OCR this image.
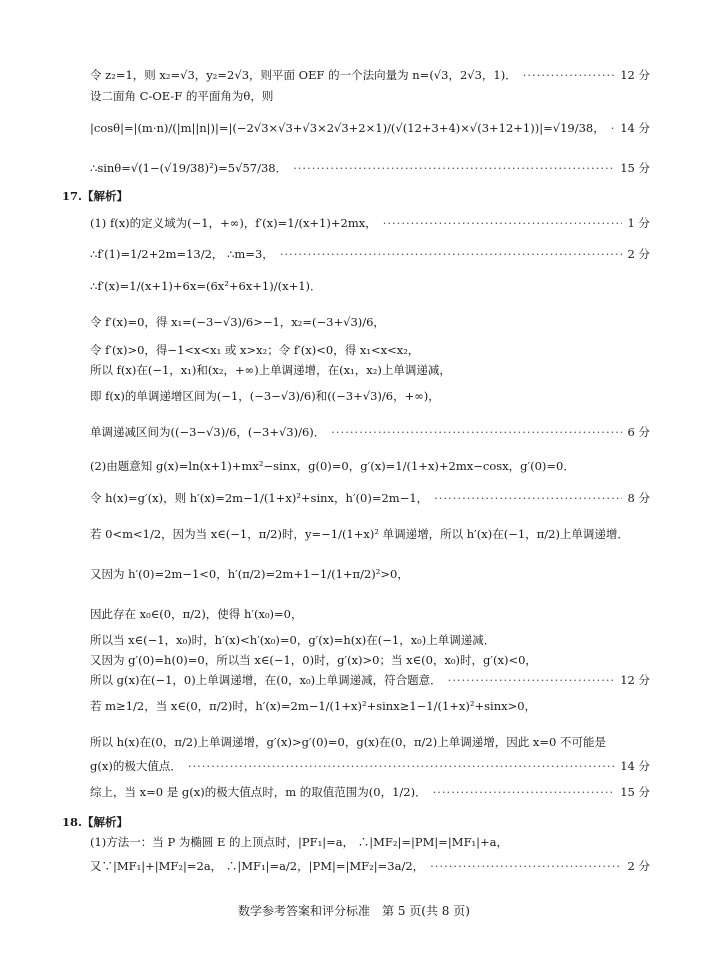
令 z₂=1，则 x₂=√3，y₂=2√3，则平面 OEF 的一个法向量为 n=(√3，2√3，1)． ·····	12 分
设二面角 C-OE-F 的平面角为θ，则
|cosθ|=|(m·n)/(|m||n|)|=|(−2√3×√3+√3×2√3+2×1)/(√(12+3+4)×√(3+12+1))|=√19/38， ····· 14 分
∴sinθ=√(1−(√19/38)²)=5√57/38． ·····	15 分
17.【解析】
(1) f(x)的定义域为(−1，+∞)，f′(x)=1/(x+1)+2mx， ·····	1 分
∴f′(1)=1/2+2m=13/2， ∴m=3， ·····	2 分
∴f′(x)=1/(x+1)+6x=(6x²+6x+1)/(x+1)．
令 f′(x)=0，得 x₁=(−3−√3)/6>−1，x₂=(−3+√3)/6，
令 f′(x)>0，得−1<x<x₁ 或 x>x₂；令 f′(x)<0，得 x₁<x<x₂，
所以 f(x)在(−1，x₁)和(x₂，+∞)上单调递增，在(x₁，x₂)上单调递减，
即 f(x)的单调递增区间为(−1，(−3−√3)/6)和((−3+√3)/6，+∞)，
单调递减区间为((−3−√3)/6，(−3+√3)/6)． ·····	6 分
(2)由题意知 g(x)=ln(x+1)+mx²−sinx，g(0)=0，g′(x)=1/(1+x)+2mx−cosx，g′(0)=0．
令 h(x)=g′(x)，则 h′(x)=2m−1/(1+x)²+sinx，h′(0)=2m−1， ·····	8 分
若 0<m<1/2，因为当 x∈(−1，π/2)时，y=−1/(1+x)² 单调递增，所以 h′(x)在(−1，π/2)上单调递增．
又因为 h′(0)=2m−1<0，h′(π/2)=2m+1−1/(1+π/2)²>0，
因此存在 x₀∈(0，π/2)，使得 h′(x₀)=0，
所以当 x∈(−1，x₀)时，h′(x)<h′(x₀)=0，g′(x)=h(x)在(−1，x₀)上单调递减．
又因为 g′(0)=h(0)=0，所以当 x∈(−1，0)时，g′(x)>0；当 x∈(0，x₀)时，g′(x)<0，
所以 g(x)在(−1，0)上单调递增，在(0，x₀)上单调递减，符合题意． ·····	12 分
若 m≥1/2，当 x∈(0，π/2)时，h′(x)=2m−1/(1+x)²+sinx≥1−1/(1+x)²+sinx>0，
所以 h(x)在(0，π/2)上单调递增，g′(x)>g′(0)=0，g(x)在(0，π/2)上单调递增，因此 x=0 不可能是
g(x)的极大值点． ·····	14 分
综上，当 x=0 是 g(x)的极大值点时，m 的取值范围为(0，1/2)． ·····	15 分
18.【解析】
(1)方法一：当 P 为椭圆 E 的上顶点时，|PF₁|=a， ∴|MF₂|=|PM|=|MF₁|+a，
又∵|MF₁|+|MF₂|=2a， ∴|MF₁|=a/2，|PM|=|MF₂|=3a/2， ·····	2 分
数学参考答案和评分标准　第 5 页(共 8 页)
